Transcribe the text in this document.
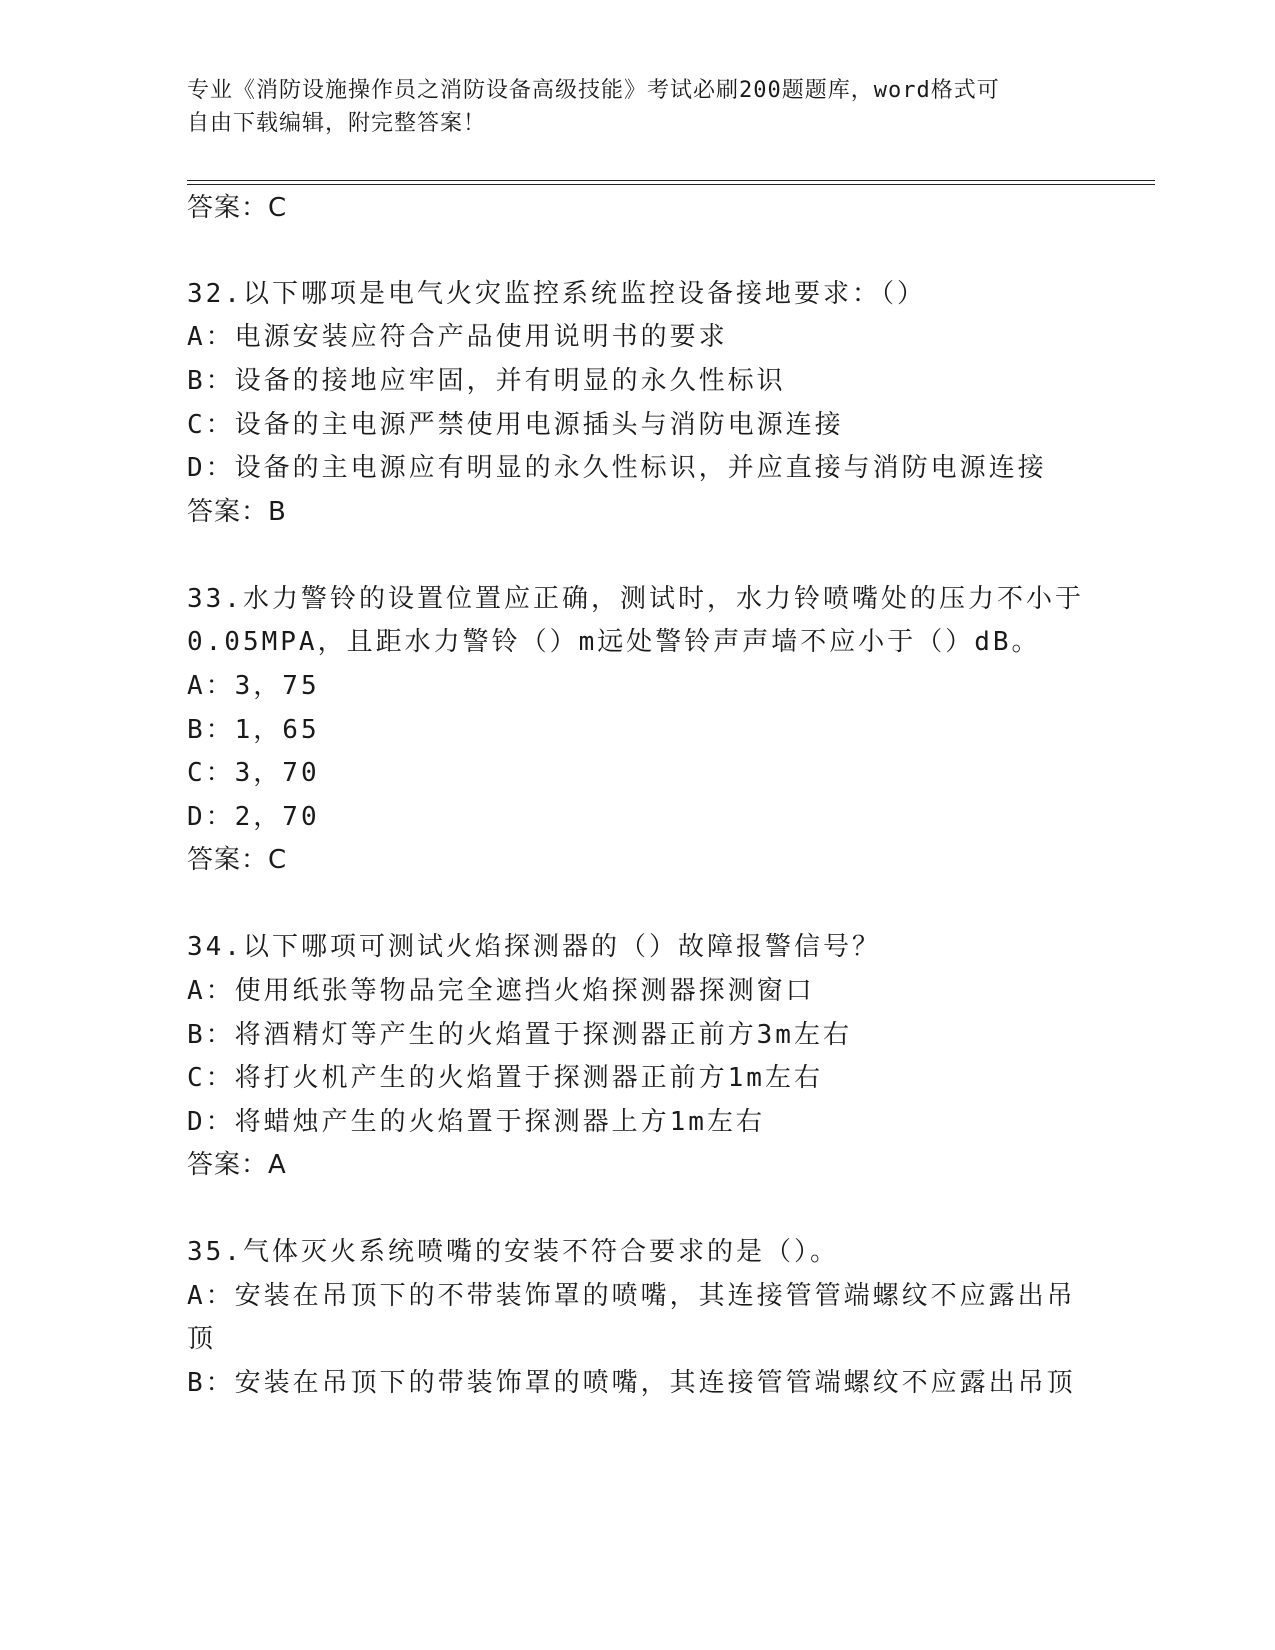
专业《消防设施操作员之消防设备高级技能》考试必刷200题题库，word格式可
自由下载编辑，附完整答案！
答案：C
32.以下哪项是电气火灾监控系统监控设备接地要求：（）
A：电源安装应符合产品使用说明书的要求
B：设备的接地应牢固，并有明显的永久性标识
C：设备的主电源严禁使用电源插头与消防电源连接
D：设备的主电源应有明显的永久性标识，并应直接与消防电源连接
答案：B
33.水力警铃的设置位置应正确，测试时，水力铃喷嘴处的压力不小于
0.05MPA，且距水力警铃（）m远处警铃声声墙不应小于（）dB。
A：3，75
B：1，65
C：3，70
D：2，70
答案：C
34.以下哪项可测试火焰探测器的（）故障报警信号？
A：使用纸张等物品完全遮挡火焰探测器探测窗口
B：将酒精灯等产生的火焰置于探测器正前方3m左右
C：将打火机产生的火焰置于探测器正前方1m左右
D：将蜡烛产生的火焰置于探测器上方1m左右
答案：A
35.气体灭火系统喷嘴的安装不符合要求的是（）。
A：安装在吊顶下的不带装饰罩的喷嘴，其连接管管端螺纹不应露出吊
顶
B：安装在吊顶下的带装饰罩的喷嘴，其连接管管端螺纹不应露出吊顶
